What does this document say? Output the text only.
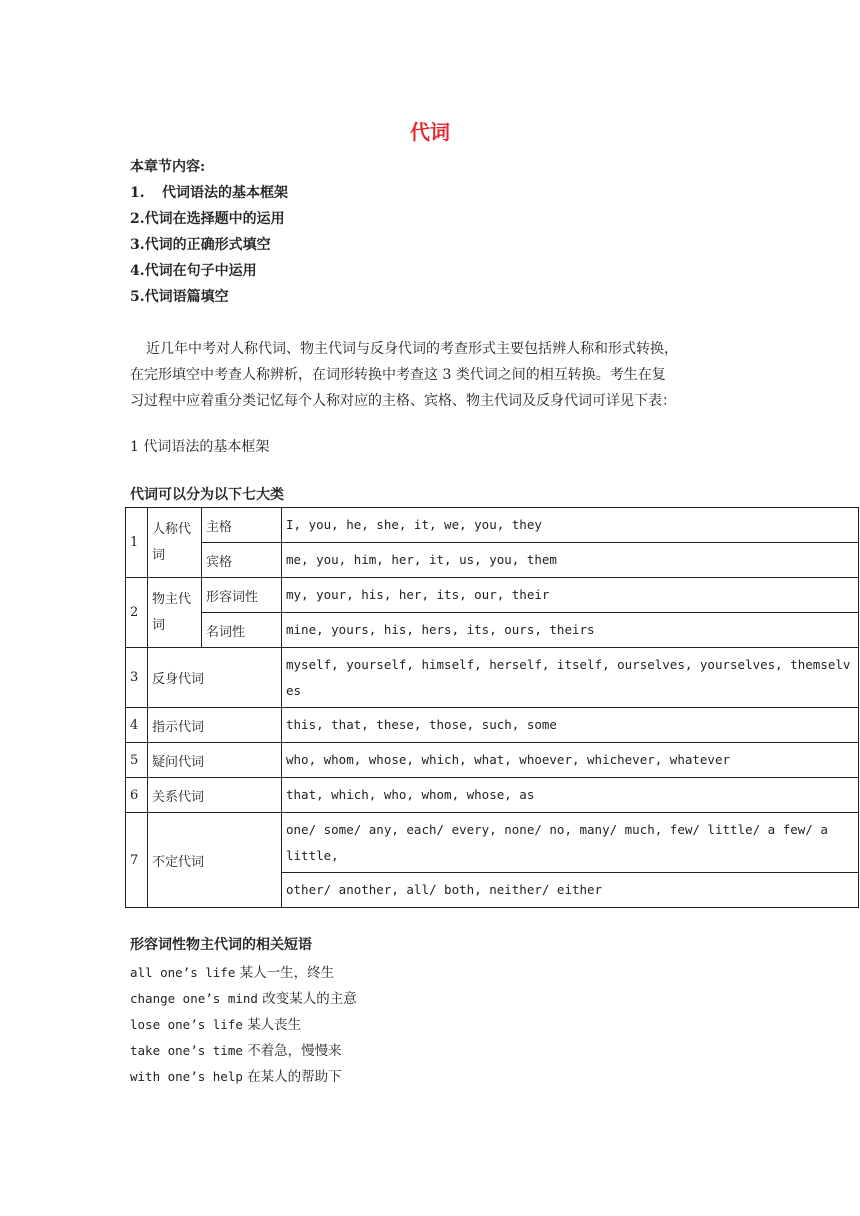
代词
本章节内容:
1. 代词语法的基本框架
2.代词在选择题中的运用
3.代词的正确形式填空
4.代词在句子中运用
5.代词语篇填空

近几年中考对人称代词、物主代词与反身代词的考查形式主要包括辨人称和形式转换，

在完形填空中考查人称辨析，在词形转换中考查这 3 类代词之间的相互转换。考生在复

习过程中应着重分类记忆每个人称对应的主格、宾格、物主代词及反身代词可详见下表：

1 代词语法的基本框架
代词可以分为以下七大类
1	人称代词	主格	I, you, he, she, it, we, you, they
		宾格	me, you, him, her, it, us, you, them
2	物主代词	形容词性	my, your, his, her, its, our, their
		名词性	mine, yours, his, hers, its, ours, theirs
3	反身代词		myself, yourself, himself, herself, itself, ourselves, yourselves, themselves
4	指示代词		this, that, these, those, such, some
5	疑问代词		who, whom, whose, which, what, whoever, whichever, whatever
6	关系代词		that, which, who, whom, whose, as
7	不定代词		one/ some/ any, each/ every, none/ no, many/ much, few/ little/ a few/ a little,
			other/ another, all/ both, neither/ either
形容词性物主代词的相关短语
all one’s life 某人一生，终生
change one’s mind 改变某人的主意
lose one’s life 某人丧生
take one’s time 不着急，慢慢来
with one’s help 在某人的帮助下
